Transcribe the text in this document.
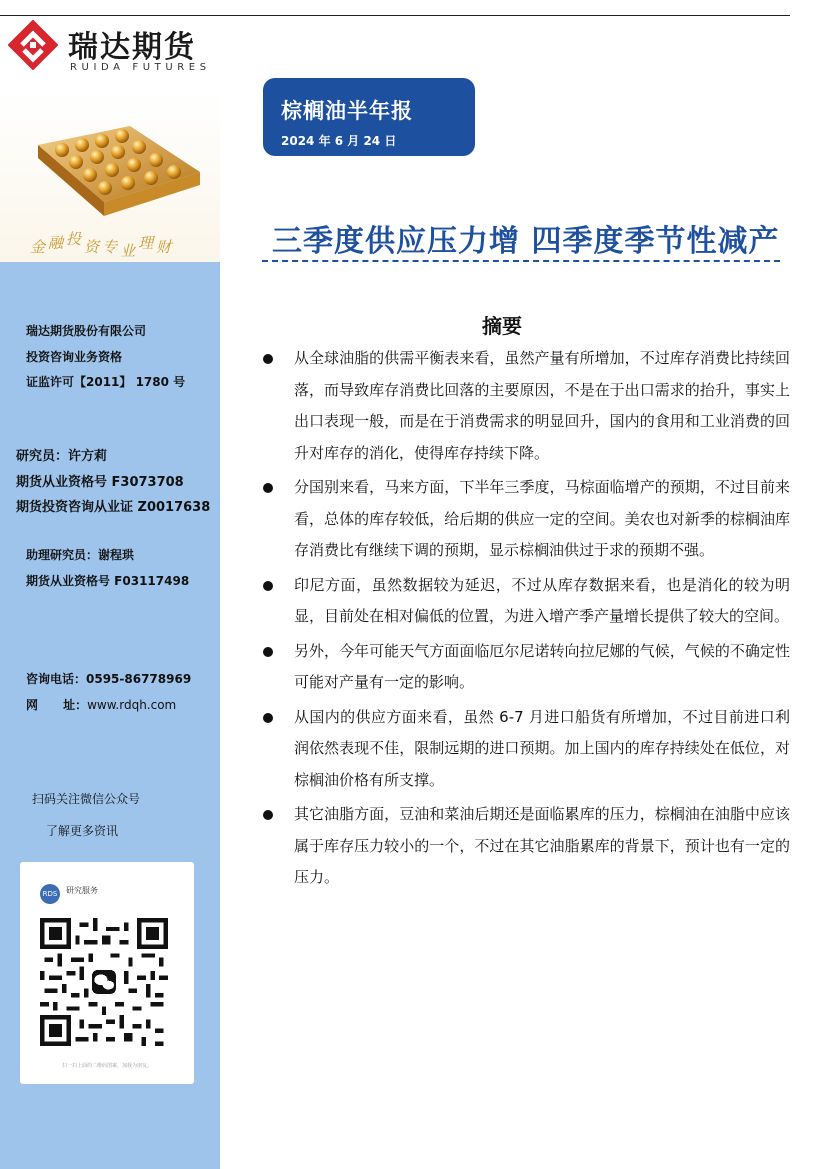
瑞达期货
RUIDA FUTURES
金融投资专业理财
棕榈油半年报
2024 年 6 月 24 日
三季度供应压力增 四季度季节性减产
瑞达期货股份有限公司
投资咨询业务资格
证监许可【2011】 1780 号
研究员：许方莉
期货从业资格号 F3073708
期货投资咨询从业证 Z0017638
助理研究员：谢程珙
期货从业资格号 F03117498
咨询电话：0595-86778969
网      址：www.rdqh.com
扫码关注微信公众号
了解更多资讯
RDS	研究服务
扫一扫上面的二维码图案，加我为朋友。
摘要
从全球油脂的供需平衡表来看，虽然产量有所增加，不过库存消费比持续回落，而导致库存消费比回落的主要原因，不是在于出口需求的抬升，事实上出口表现一般，而是在于消费需求的明显回升，国内的食用和工业消费的回升对库存的消化，使得库存持续下降。
分国别来看，马来方面，下半年三季度，马棕面临增产的预期，不过目前来看，总体的库存较低，给后期的供应一定的空间。美农也对新季的棕榈油库存消费比有继续下调的预期，显示棕榈油供过于求的预期不强。
印尼方面，虽然数据较为延迟，不过从库存数据来看，也是消化的较为明显，目前处在相对偏低的位置，为进入增产季产量增长提供了较大的空间。
另外，今年可能天气方面面临厄尔尼诺转向拉尼娜的气候，气候的不确定性可能对产量有一定的影响。
从国内的供应方面来看，虽然 6-7 月进口船货有所增加，不过目前进口利润依然表现不佳，限制远期的进口预期。加上国内的库存持续处在低位，对棕榈油价格有所支撑。
其它油脂方面，豆油和菜油后期还是面临累库的压力，棕榈油在油脂中应该属于库存压力较小的一个，不过在其它油脂累库的背景下，预计也有一定的压力。
